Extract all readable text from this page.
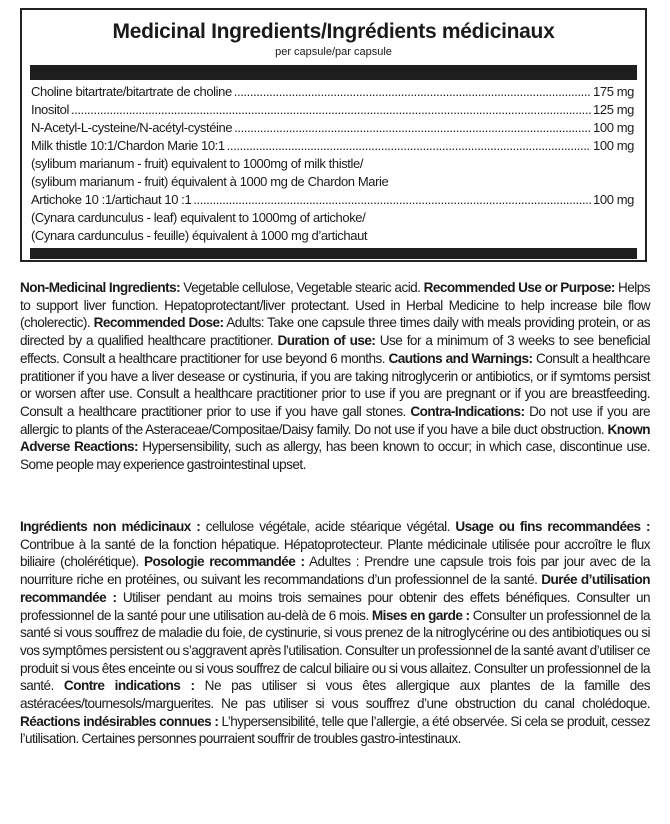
Medicinal Ingredients/Ingrédients médicinaux
per capsule/par capsule
Choline bitartrate/bitartrate de choline .....	175 mg
Inositol .....	125 mg
N-Acetyl-L-cysteine/N-acétyl-cystéine .....	100 mg
Milk thistle 10:1/Chardon Marie 10:1 .....	100 mg
(sylibum marianum - fruit) equivalent to 1000mg of milk thistle/
(sylibum marianum - fruit) équivalent à 1000 mg de Chardon Marie
Artichoke 10 :1/artichaut 10 :1 .....	100 mg
(Cynara cardunculus - leaf) equivalent to 1000mg of artichoke/
(Cynara cardunculus - feuille) équivalent à 1000 mg d’artichaut

Non-Medicinal Ingredients: Vegetable cellulose, Vegetable stearic acid. Recommended Use or Purpose: Helps to support liver function. Hepatoprotectant/liver protectant. Used in Herbal Medicine to help increase bile flow (cholerectic). Recommended Dose: Adults: Take one capsule three times daily with meals providing protein, or as directed by a qualified healthcare practitioner. Duration of use: Use for a minimum of 3 weeks to see beneficial effects. Consult a healthcare practitioner for use beyond 6 months. Cautions and Warnings: Consult a healthcare pratitioner if you have a liver desease or cystinuria, if you are taking nitroglycerin or antibiotics, or if symtoms persist or worsen after use. Consult a healthcare practitioner prior to use if you are pregnant or if you are breastfeeding. Consult a healthcare practitioner prior to use if you have gall stones. Contra-Indications: Do not use if you are allergic to plants of the Asteraceae/Compositae/Daisy family. Do not use if you have a bile duct obstruction. Known Adverse Reactions: Hypersensibility, such as allergy, has been known to occur; in which case, discontinue use. Some people may experience gastrointestinal upset.

Ingrédients non médicinaux : cellulose végétale, acide stéarique végétal. Usage ou fins recommandées : Contribue à la santé de la fonction hépatique. Hépatoprotecteur. Plante médicinale utilisée pour accroître le flux biliaire (cholérétique). Posologie recommandée : Adultes : Prendre une capsule trois fois par jour avec de la nourriture riche en protéines, ou suivant les recommandations d’un professionnel de la santé. Durée d’utilisation recommandée : Utiliser pendant au moins trois semaines pour obtenir des effets bénéfiques. Consulter un professionnel de la santé pour une utilisation au-delà de 6 mois. Mises en garde : Consulter un professionnel de la santé si vous souffrez de maladie du foie, de cystinurie, si vous prenez de la nitroglycérine ou des antibiotiques ou si vos symptômes persistent ou s’aggravent après l’utilisation. Consulter un professionnel de la santé avant d’utiliser ce produit si vous êtes enceinte ou si vous souffrez de calcul biliaire ou si vous allaitez. Consulter un professionnel de la santé. Contre indications : Ne pas utiliser si vous êtes allergique aux plantes de la famille des astéracées/tournesols/marguerites. Ne pas utiliser si vous souffrez d’une obstruction du canal cholédoque. Réactions indésirables connues : L’hypersensibilité, telle que l’allergie, a été observée. Si cela se produit, cessez l’utilisation. Certaines personnes pourraient souffrir de troubles gastro-intestinaux.
